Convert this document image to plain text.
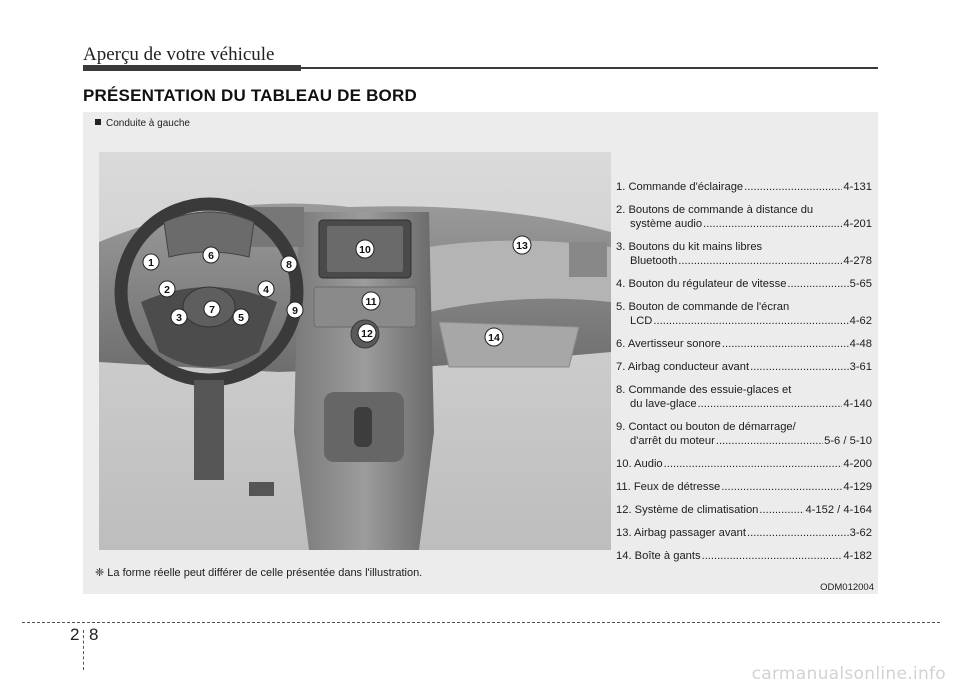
Aperçu de votre véhicule
PRÉSENTATION DU TABLEAU DE BORD
Conduite à gauche
1
2
3
4
5
6
7
8
9
10
11
12
13
14
1. Commande d'éclairage .....	4-131
2. Boutons de commande à distance du
système audio .....	4-201
3. Boutons du kit mains libres
Bluetooth .....	4-278
4. Bouton du régulateur de vitesse .....	5-65
5. Bouton de commande de l'écran
LCD .....	4-62
6. Avertisseur sonore .....	4-48
7. Airbag conducteur avant .....	3-61
8. Commande des essuie-glaces et
du lave-glace .....	4-140
9. Contact ou bouton de démarrage/
d'arrêt du moteur .....	5-6 / 5-10
10. Audio .....	4-200
11. Feux de détresse .....	4-129
12. Système de climatisation .....	4-152 / 4-164
13. Airbag passager avant .....	3-62
14. Boîte à gants .....	4-182
❈ La forme réelle peut différer de celle présentée dans l'illustration.
ODM012004
2 8
carmanualsonline.info
